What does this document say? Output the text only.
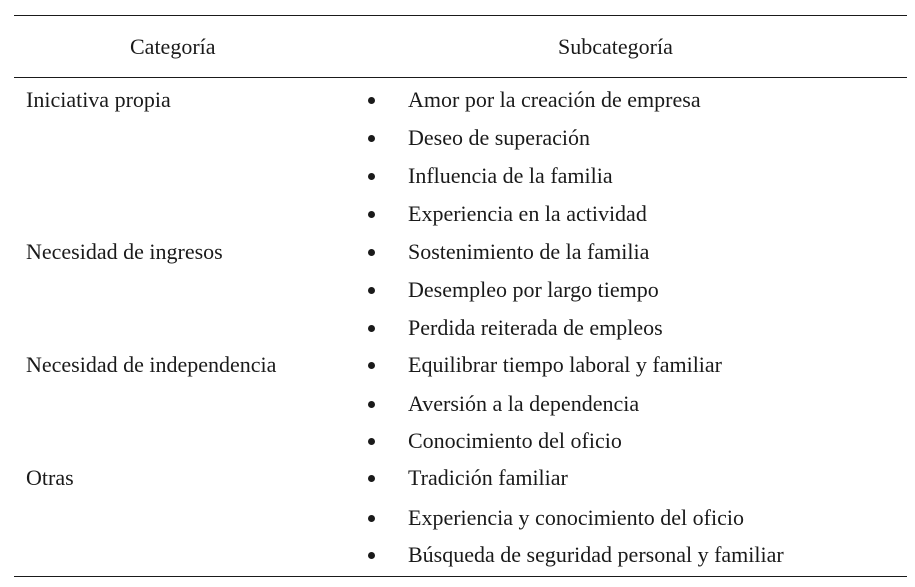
Categoría	Subcategoría
Iniciativa propia	Amor por la creación de empresa
Deseo de superación
Influencia de la familia
Experiencia en la actividad
Necesidad de ingresos	Sostenimiento de la familia
Desempleo por largo tiempo
Perdida reiterada de empleos
Necesidad de independencia	Equilibrar tiempo laboral y familiar
Aversión a la dependencia
Conocimiento del oficio
Otras	Tradición familiar
Experiencia y conocimiento del oficio
Búsqueda de seguridad personal y familiar
